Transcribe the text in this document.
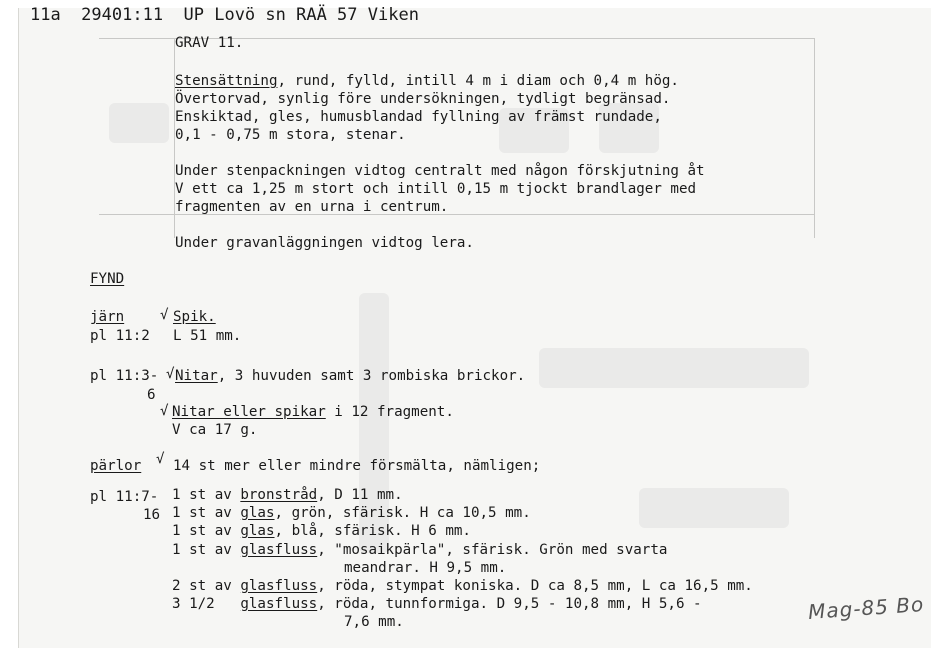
11a  29401:11  UP Lovö sn RAÄ 57 Viken
GRAV 11.
Stensättning, rund, fylld, intill 4 m i diam och 0,4 m hög.
Övertorvad, synlig före undersökningen, tydligt begränsad.
Enskiktad, gles, humusblandad fyllning av främst rundade,
0,1 - 0,75 m stora, stenar.
Under stenpackningen vidtog centralt med någon förskjutning åt
V ett ca 1,25 m stort och intill 0,15 m tjockt brandlager med
fragmenten av en urna i centrum.
Under gravanläggningen vidtog lera.
FYND
järn	√ Spik.
pl 11:2 L 51 mm.
pl 11:3- √ Nitar, 3 huvuden samt 3 rombiska brickor.
6
√ Nitar eller spikar i 12 fragment.
V ca 17 g.
pärlor √ 14 st mer eller mindre försmälta, nämligen;
pl 11:7-
16
1 st av bronstråd, D 11 mm.
1 st av glas, grön, sfärisk. H ca 10,5 mm.
1 st av glas, blå, sfärisk. H 6 mm.
1 st av glasfluss, "mosaikpärla", sfärisk. Grön med svarta
meandrar. H 9,5 mm.
2 st av glasfluss, röda, stympat koniska. D ca 8,5 mm, L ca 16,5 mm.
3 1/2   glasfluss, röda, tunnformiga. D 9,5 - 10,8 mm, H 5,6 -
7,6 mm.	Mag-85 Bo
